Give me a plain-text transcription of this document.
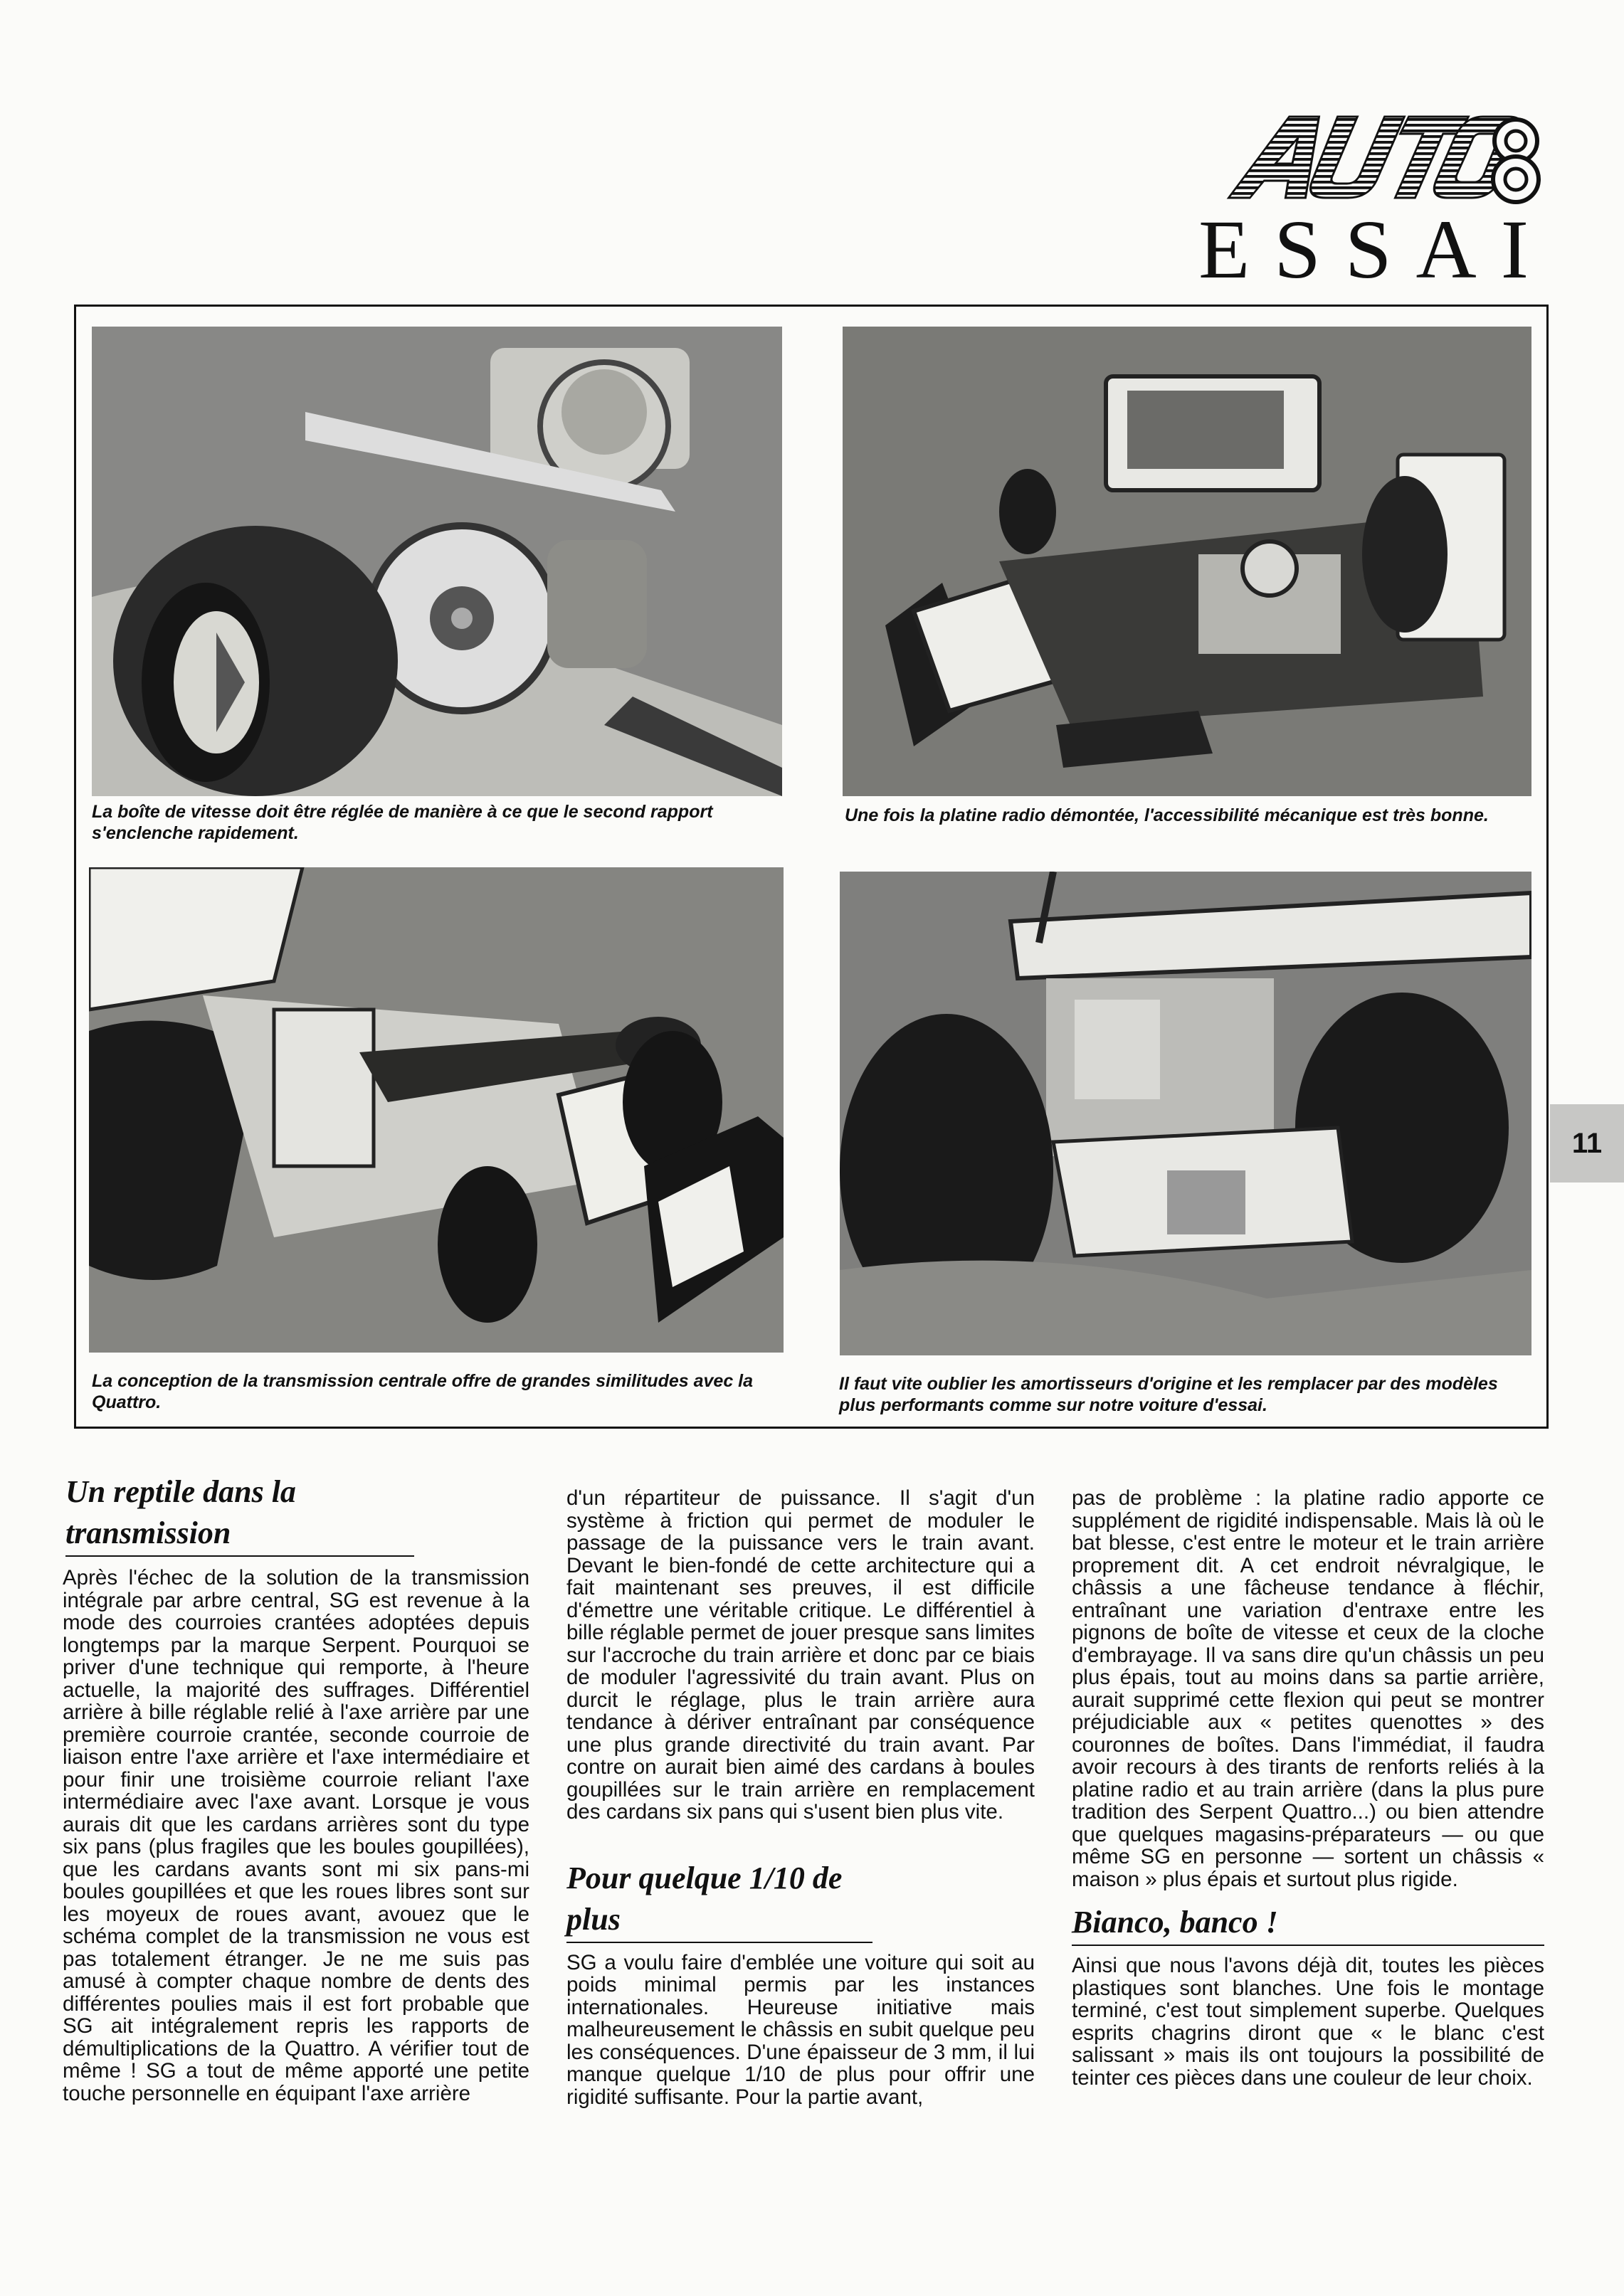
ESSAI
La boîte de vitesse doit être réglée de manière à ce que le second rapport s'enclenche rapidement.
Une fois la platine radio démontée, l'accessibilité mécanique est très bonne.
La conception de la transmission centrale offre de grandes similitudes avec la Quattro.
Il faut vite oublier les amortisseurs d'origine et les remplacer par des modèles plus performants comme sur notre voiture d'essai.
11
Un reptile dans la transmission

Après l'échec de la solution de la transmission intégrale par arbre central, SG est revenue à la mode des courroies crantées adoptées depuis longtemps par la marque Serpent. Pourquoi se priver d'une technique qui remporte, à l'heure actuelle, la majorité des suffrages. Différentiel arrière à bille réglable relié à l'axe arrière par une première courroie crantée, seconde courroie de liaison entre l'axe arrière et l'axe intermédiaire et pour finir une troisième courroie reliant l'axe intermédiaire avec l'axe avant. Lorsque je vous aurais dit que les cardans arrières sont du type six pans (plus fragiles que les boules goupillées), que les cardans avants sont mi six pans-mi boules goupillées et que les roues libres sont sur les moyeux de roues avant, avouez que le schéma complet de la transmission ne vous est pas totalement étranger. Je ne me suis pas amusé à compter chaque nombre de dents des différentes poulies mais il est fort probable que SG ait intégralement repris les rapports de démultiplications de la Quattro. A vérifier tout de même ! SG a tout de même apporté une petite touche personnelle en équipant l'axe arrière

d'un répartiteur de puissance. Il s'agit d'un système à friction qui permet de moduler le passage de la puissance vers le train avant. Devant le bien-fondé de cette architecture qui a fait maintenant ses preuves, il est difficile d'émettre une véritable critique. Le différentiel à bille réglable permet de jouer presque sans limites sur l'accroche du train arrière et donc par ce biais de moduler l'agressivité du train avant. Plus on durcit le réglage, plus le train arrière aura tendance à dériver entraînant par conséquence une plus grande directivité du train avant. Par contre on aurait bien aimé des cardans à boules goupillées sur le train arrière en remplacement des cardans six pans qui s'usent bien plus vite.

Pour quelque 1/10 de plus

SG a voulu faire d'emblée une voiture qui soit au poids minimal permis par les instances internationales. Heureuse initiative mais malheureusement le châssis en subit quelque peu les conséquences. D'une épaisseur de 3 mm, il lui manque quelque 1/10 de plus pour offrir une rigidité suffisante. Pour la partie avant,

pas de problème : la platine radio apporte ce supplément de rigidité indispensable. Mais là où le bat blesse, c'est entre le moteur et le train arrière proprement dit. A cet endroit névralgique, le châssis a une fâcheuse tendance à fléchir, entraînant une variation d'entraxe entre les pignons de boîte de vitesse et ceux de la cloche d'embrayage. Il va sans dire qu'un châssis un peu plus épais, tout au moins dans sa partie arrière, aurait supprimé cette flexion qui peut se montrer préjudiciable aux « petites quenottes » des couronnes de boîtes. Dans l'immédiat, il faudra avoir recours à des tirants de renforts reliés à la platine radio et au train arrière (dans la plus pure tradition des Serpent Quattro...) ou bien attendre que quelques magasins-préparateurs — ou que même SG en personne — sortent un châssis « maison » plus épais et surtout plus rigide.

Bianco, banco !

Ainsi que nous l'avons déjà dit, toutes les pièces plastiques sont blanches. Une fois le montage terminé, c'est tout simplement superbe. Quelques esprits chagrins diront que « le blanc c'est salissant » mais ils ont toujours la possibilité de teinter ces pièces dans une couleur de leur choix.
